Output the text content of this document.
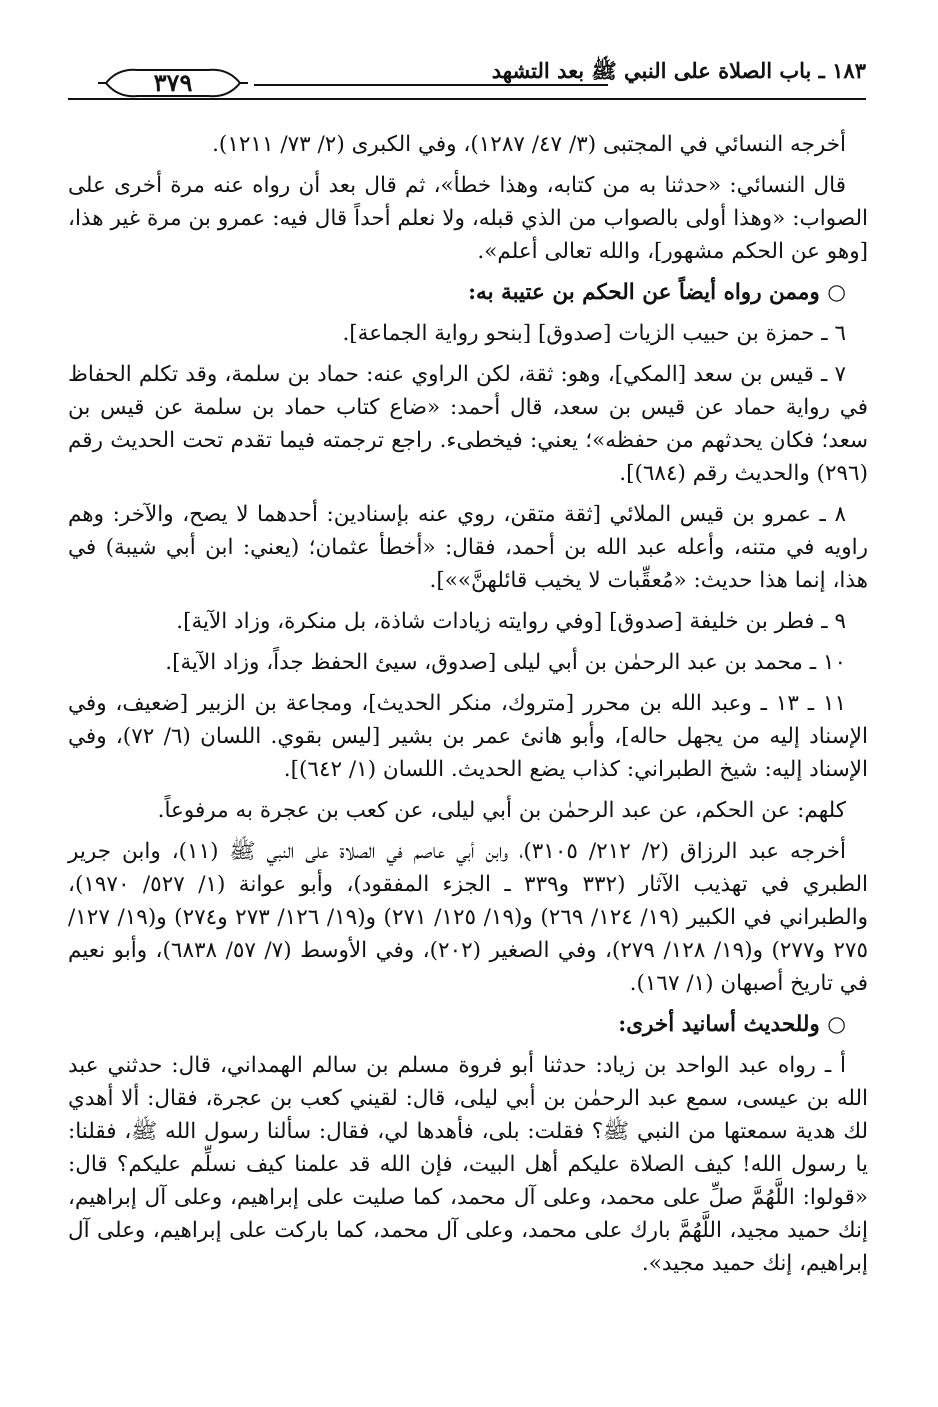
١٨٣ ـ باب الصلاة على النبي ﷺ بعد التشهد
٣٧٩

أخرجه النسائي في المجتبى (٣/ ٤٧/ ١٢٨٧)، وفي الكبرى (٢/ ٧٣/ ١٢١١).

قال النسائي: «حدثنا به من كتابه، وهذا خطأ»، ثم قال بعد أن رواه عنه مرة أخرى على الصواب: «وهذا أولى بالصواب من الذي قبله، ولا نعلم أحداً قال فيه: عمرو بن مرة غير هذا، [وهو عن الحكم مشهور]، والله تعالى أعلم».

○ وممن رواه أيضاً عن الحكم بن عتيبة به:

٦ ـ حمزة بن حبيب الزيات [صدوق] [بنحو رواية الجماعة].

٧ ـ قيس بن سعد [المكي]، وهو: ثقة، لكن الراوي عنه: حماد بن سلمة، وقد تكلم الحفاظ في رواية حماد عن قيس بن سعد، قال أحمد: «ضاع كتاب حماد بن سلمة عن قيس بن سعد؛ فكان يحدثهم من حفظه»؛ يعني: فيخطىء. راجع ترجمته فيما تقدم تحت الحديث رقم (٢٩٦) والحديث رقم (٦٨٤)].

٨ ـ عمرو بن قيس الملائي [ثقة متقن، روي عنه بإسنادين: أحدهما لا يصح، والآخر: وهم راويه في متنه، وأعله عبد الله بن أحمد، فقال: «أخطأ عثمان؛ (يعني: ابن أبي شيبة) في هذا، إنما هذا حديث: «مُعقِّبات لا يخيب قائلهنَّ»»].

٩ ـ فطر بن خليفة [صدوق] [وفي روايته زيادات شاذة، بل منكرة، وزاد الآية].

١٠ ـ محمد بن عبد الرحمٰن بن أبي ليلى [صدوق، سيئ الحفظ جداً، وزاد الآية].

١١ ـ ١٣ ـ وعبد الله بن محرر [متروك، منكر الحديث]، ومجاعة بن الزبير [ضعيف، وفي الإسناد إليه من يجهل حاله]، وأبو هانئ عمر بن بشير [ليس بقوي. اللسان (٦/ ٧٢)، وفي الإسناد إليه: شيخ الطبراني: كذاب يضع الحديث. اللسان (١/ ٦٤٢)].

كلهم: عن الحكم، عن عبد الرحمٰن بن أبي ليلى، عن كعب بن عجرة به مرفوعاً.

أخرجه عبد الرزاق (٢/ ٢١٢/ ٣١٠٥)، وابن أبي عاصم في الصلاة على النبي ﷺ (١١)، وابن جرير الطبري في تهذيب الآثار (٣٣٢ و٣٣٩ ـ الجزء المفقود)، وأبو عوانة (١/ ٥٢٧/ ١٩٧٠)، والطبراني في الكبير (١٩/ ١٢٤/ ٢٦٩) و(١٩/ ١٢٥/ ٢٧١) و(١٩/ ١٢٦/ ٢٧٣ و٢٧٤) و(١٩/ ١٢٧/ ٢٧٥ و٢٧٧) و(١٩/ ١٢٨/ ٢٧٩)، وفي الصغير (٢٠٢)، وفي الأوسط (٧/ ٥٧/ ٦٨٣٨)، وأبو نعيم في تاريخ أصبهان (١/ ١٦٧).

○ وللحديث أسانيد أخرى:

أ ـ رواه عبد الواحد بن زياد: حدثنا أبو فروة مسلم بن سالم الهمداني، قال: حدثني عبد الله بن عيسى، سمع عبد الرحمٰن بن أبي ليلى، قال: لقيني كعب بن عجرة، فقال: ألا أهدي لك هدية سمعتها من النبي ﷺ؟ فقلت: بلى، فأهدها لي، فقال: سألنا رسول الله ﷺ، فقلنا: يا رسول الله! كيف الصلاة عليكم أهل البيت، فإن الله قد علمنا كيف نسلِّم عليكم؟ قال: «قولوا: اللَّهُمَّ صلِّ على محمد، وعلى آل محمد، كما صليت على إبراهيم، وعلى آل إبراهيم، إنك حميد مجيد، اللَّهُمَّ بارك على محمد، وعلى آل محمد، كما باركت على إبراهيم، وعلى آل إبراهيم، إنك حميد مجيد».
